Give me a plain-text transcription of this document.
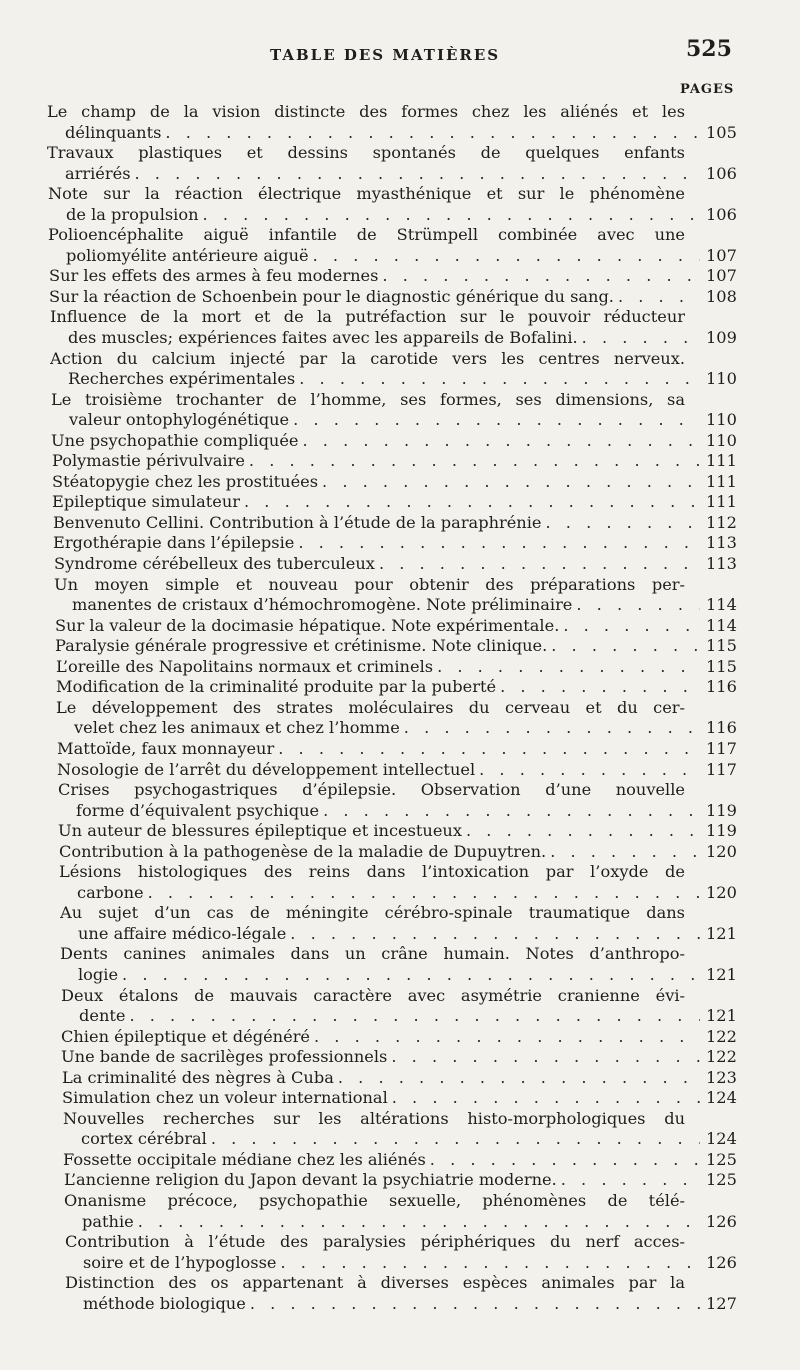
TABLE DES MATIÈRES	525
PAGES
Le champ de la vision distincte des formes chez les aliénés et les
délinquants . . .	105
Travaux plastiques et dessins spontanés de quelques enfants
arriérés . . .	106
Note sur la réaction électrique myasthénique et sur le phénomène
de la propulsion . . .	106
Polioencéphalite aiguë infantile de Strümpell combinée avec une
poliomyélite antérieure aiguë . . .	107
Sur les effets des armes à feu modernes . . .	107
Sur la réaction de Schoenbein pour le diagnostic générique du sang. . . .	108
Influence de la mort et de la putréfaction sur le pouvoir réducteur
des muscles; expériences faites avec les appareils de Bofalini. . . .	109
Action du calcium injecté par la carotide vers les centres nerveux.
Recherches expérimentales . . .	110
Le troisième trochanter de l’homme, ses formes, ses dimensions, sa
valeur ontophylogénétique . . .	110
Une psychopathie compliquée . . .	110
Polymastie périvulvaire . . .	111
Stéatopygie chez les prostituées . . .	111
Epileptique simulateur . . .	111
Benvenuto Cellini. Contribution à l’étude de la paraphrénie . . .	112
Ergothérapie dans l’épilepsie . . .	113
Syndrome cérébelleux des tuberculeux . . .	113
Un moyen simple et nouveau pour obtenir des préparations per-
manentes de cristaux d’hémochromogène. Note préliminaire . . .	114
Sur la valeur de la docimasie hépatique. Note expérimentale. . . .	114
Paralysie générale progressive et crétinisme. Note clinique. . . .	115
L’oreille des Napolitains normaux et criminels . . .	115
Modification de la criminalité produite par la puberté . . .	116
Le développement des strates moléculaires du cerveau et du cer-
velet chez les animaux et chez l’homme . . .	116
Mattoïde, faux monnayeur . . .	117
Nosologie de l’arrêt du développement intellectuel . . .	117
Crises psychogastriques d’épilepsie. Observation d’une nouvelle
forme d’équivalent psychique . . .	119
Un auteur de blessures épileptique et incestueux . . .	119
Contribution à la pathogenèse de la maladie de Dupuytren. . . .	120
Lésions histologiques des reins dans l’intoxication par l’oxyde de
carbone . . .	120
Au sujet d’un cas de méningite cérébro-spinale traumatique dans
une affaire médico-légale . . .	121
Dents canines animales dans un crâne humain. Notes d’anthropo-
logie . . .	121
Deux étalons de mauvais caractère avec asymétrie cranienne évi-
dente . . .	121
Chien épileptique et dégénéré . . .	122
Une bande de sacrilèges professionnels . . .	122
La criminalité des nègres à Cuba . . .	123
Simulation chez un voleur international . . .	124
Nouvelles recherches sur les altérations histo-morphologiques du
cortex cérébral . . .	124
Fossette occipitale médiane chez les aliénés . . .	125
L’ancienne religion du Japon devant la psychiatrie moderne. . . .	125
Onanisme précoce, psychopathie sexuelle, phénomènes de télé-
pathie . . .	126
Contribution à l’étude des paralysies périphériques du nerf acces-
soire et de l’hypoglosse . . .	126
Distinction des os appartenant à diverses espèces animales par la
méthode biologique . . .	127
